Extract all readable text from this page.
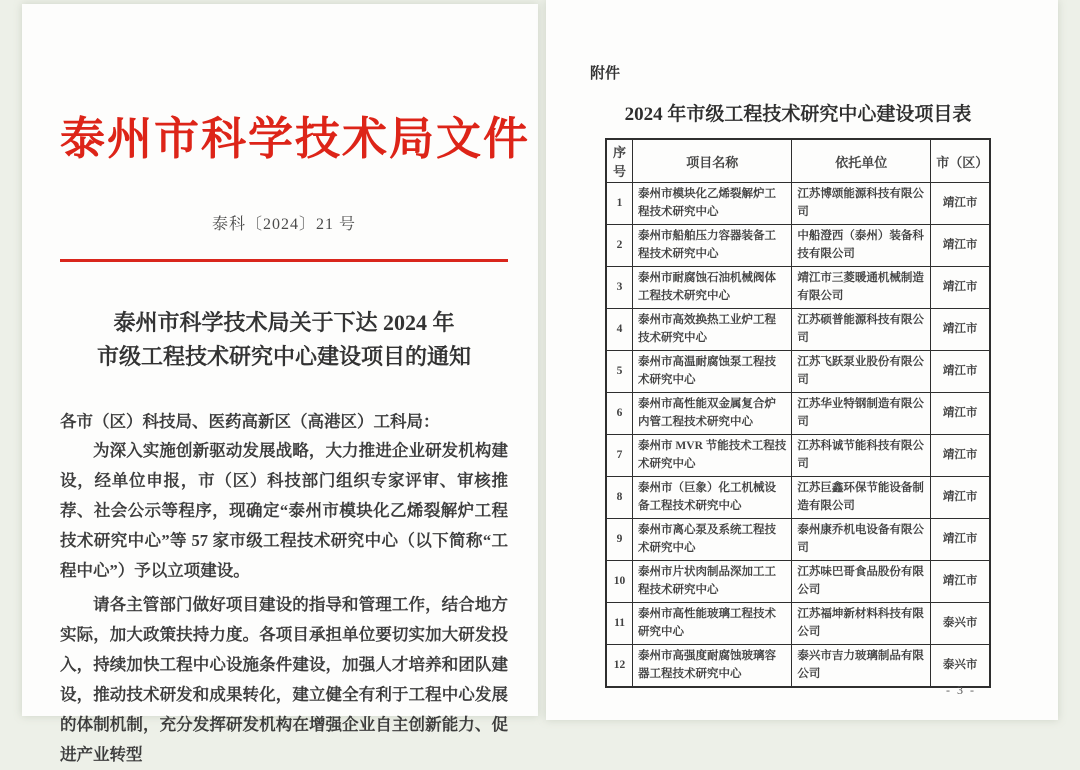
泰州市科学技术局文件
泰科〔2024〕21 号
泰州市科学技术局关于下达 2024 年
市级工程技术研究中心建设项目的通知
各市（区）科技局、医药高新区（高港区）工科局：

为深入实施创新驱动发展战略，大力推进企业研发机构建设，经单位申报，市（区）科技部门组织专家评审、审核推荐、社会公示等程序，现确定“泰州市模块化乙烯裂解炉工程技术研究中心”等 57 家市级工程技术研究中心（以下简称“工程中心”）予以立项建设。

请各主管部门做好项目建设的指导和管理工作，结合地方实际，加大政策扶持力度。各项目承担单位要切实加大研发投入，持续加快工程中心设施条件建设，加强人才培养和团队建设，推动技术研发和成果转化，建立健全有利于工程中心发展的体制机制，充分发挥研发机构在增强企业自主创新能力、促进产业转型

附件
2024 年市级工程技术研究中心建设项目表
序号	项目名称	依托单位	市（区）
1	泰州市模块化乙烯裂解炉工程技术研究中心	江苏博颂能源科技有限公司	靖江市
2	泰州市船舶压力容器装备工程技术研究中心	中船澄西（泰州）装备科技有限公司	靖江市
3	泰州市耐腐蚀石油机械阀体工程技术研究中心	靖江市三菱暖通机械制造有限公司	靖江市
4	泰州市高效换热工业炉工程技术研究中心	江苏硕普能源科技有限公司	靖江市
5	泰州市高温耐腐蚀泵工程技术研究中心	江苏飞跃泵业股份有限公司	靖江市
6	泰州市高性能双金属复合炉内管工程技术研究中心	江苏华业特钢制造有限公司	靖江市
7	泰州市 MVR 节能技术工程技术研究中心	江苏科诚节能科技有限公司	靖江市
8	泰州市（巨象）化工机械设备工程技术研究中心	江苏巨鑫环保节能设备制造有限公司	靖江市
9	泰州市离心泵及系统工程技术研究中心	泰州康乔机电设备有限公司	靖江市
10	泰州市片状肉制品深加工工程技术研究中心	江苏味巴哥食品股份有限公司	靖江市
11	泰州市高性能玻璃工程技术研究中心	江苏福坤新材料科技有限公司	泰兴市
12	泰州市高强度耐腐蚀玻璃容器工程技术研究中心	泰兴市吉力玻璃制品有限公司	泰兴市
- 3 -
